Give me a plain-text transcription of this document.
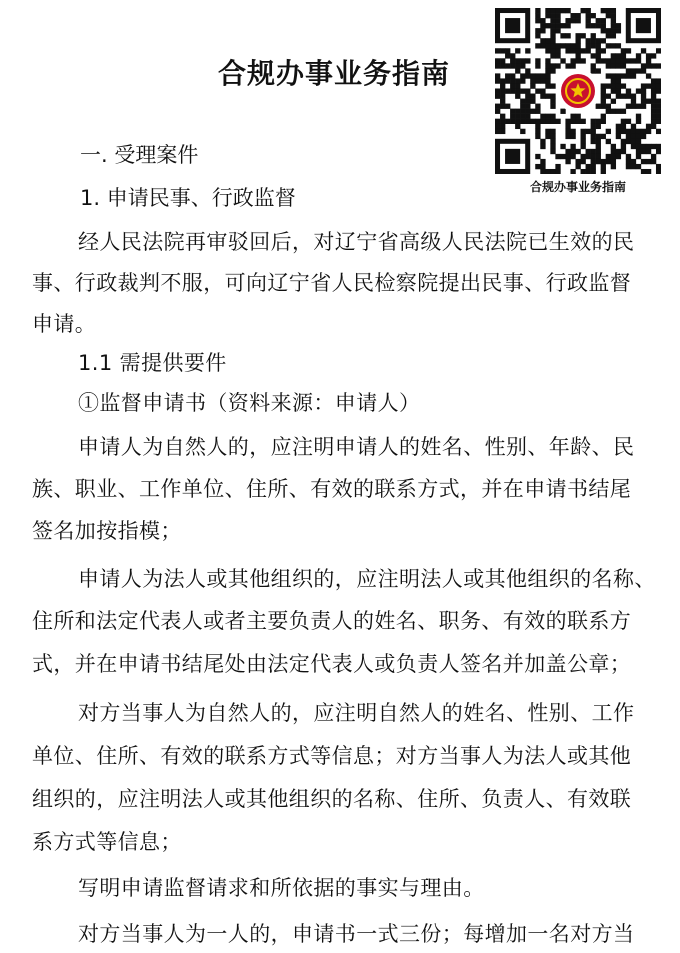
合规办事业务指南
合规办事业务指南
一. 受理案件
1. 申请民事、行政监督
经人民法院再审驳回后，对辽宁省高级人民法院已生效的民
事、行政裁判不服，可向辽宁省人民检察院提出民事、行政监督
申请。
1.1 需提供要件
①监督申请书（资料来源：申请人）
申请人为自然人的，应注明申请人的姓名、性别、年龄、民
族、职业、工作单位、住所、有效的联系方式，并在申请书结尾
签名加按指模；
申请人为法人或其他组织的，应注明法人或其他组织的名称、
住所和法定代表人或者主要负责人的姓名、职务、有效的联系方
式，并在申请书结尾处由法定代表人或负责人签名并加盖公章；
对方当事人为自然人的，应注明自然人的姓名、性别、工作
单位、住所、有效的联系方式等信息；对方当事人为法人或其他
组织的，应注明法人或其他组织的名称、住所、负责人、有效联
系方式等信息；
写明申请监督请求和所依据的事实与理由。
对方当事人为一人的，申请书一式三份；每增加一名对方当
